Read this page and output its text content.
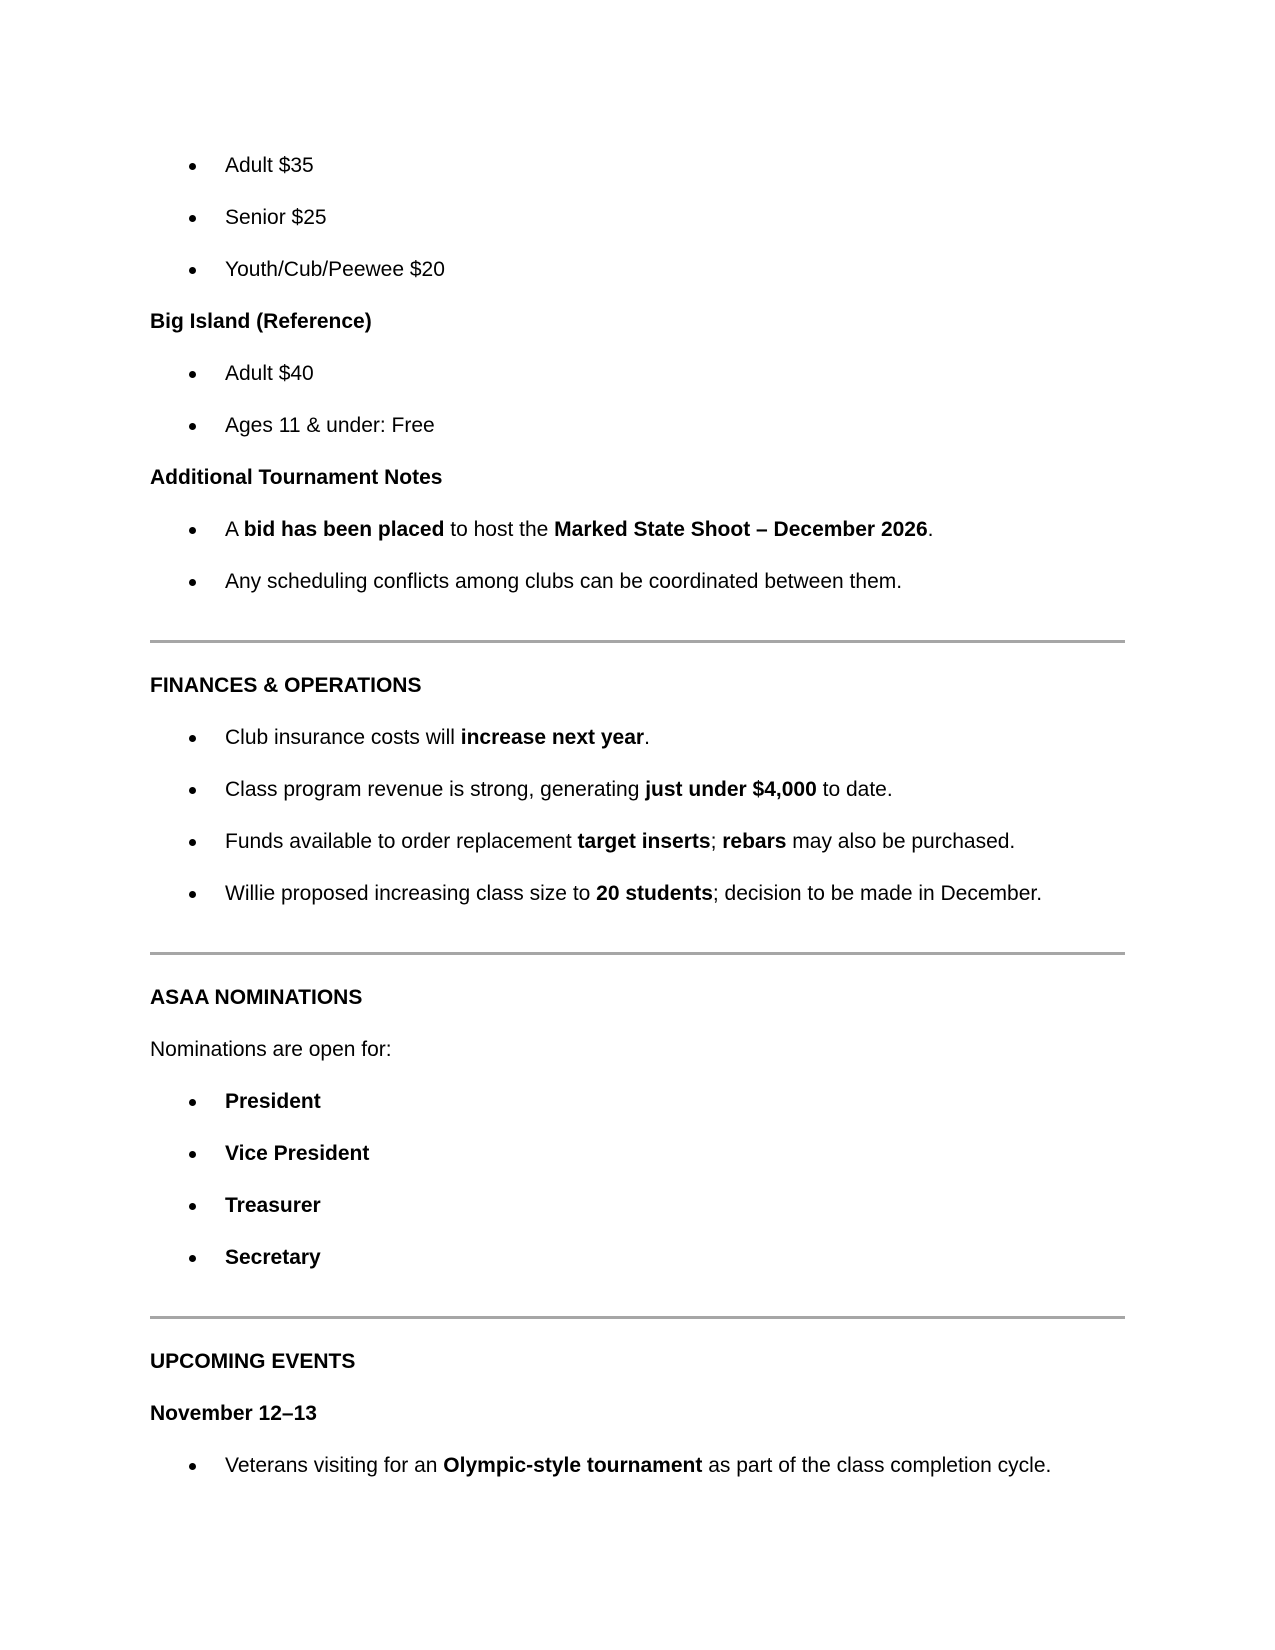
Adult $35
Senior $25
Youth/Cub/Peewee $20
Big Island (Reference)
Adult $40
Ages 11 & under: Free
Additional Tournament Notes
A bid has been placed to host the Marked State Shoot – December 2026.
Any scheduling conflicts among clubs can be coordinated between them.
FINANCES & OPERATIONS
Club insurance costs will increase next year.
Class program revenue is strong, generating just under $4,000 to date.
Funds available to order replacement target inserts; rebars may also be purchased.
Willie proposed increasing class size to 20 students; decision to be made in December.
ASAA NOMINATIONS
Nominations are open for:
President
Vice President
Treasurer
Secretary
UPCOMING EVENTS
November 12–13
Veterans visiting for an Olympic-style tournament as part of the class completion cycle.
